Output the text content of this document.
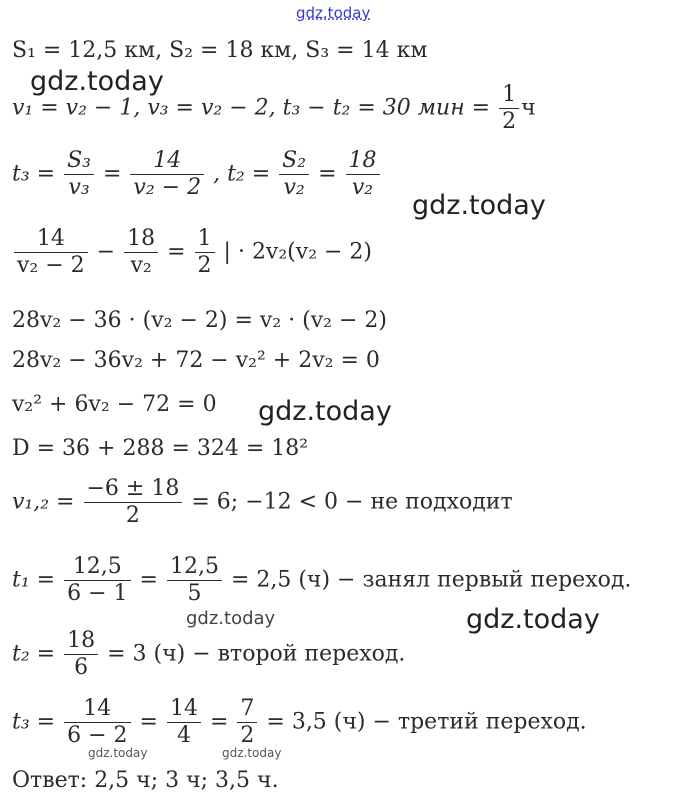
gdz.today
gdz.today
gdz.today
gdz.today
gdz.today
gdz.today
gdz.today	gdz.today
S₁ = 12,5 км, S₂ = 18 км, S₃ = 14 км
v₁ = v₂ − 1, v₃ = v₂ − 2, t₃ − t₂ = 30 мин = $\frac{1}{2}$ ч
$t_3 = \frac{\text{S₃}}{\text{v₃}} = \frac{14}{\text{v₂ − 2}}$ , $t_2 = \frac{\text{S₂}}{\text{v₂}} = \frac{18}{\text{v₂}}$
$\frac{14}{\text{v₂ − 2}} - \frac{18}{\text{v₂}} = \frac{1}{2}$ | · 2v₂(v₂ − 2)
28v₂ − 36 · (v₂ − 2) = v₂ · (v₂ − 2)
28v₂ − 36v₂ + 72 − v₂² + 2v₂ = 0
v₂² + 6v₂ − 72 = 0
D = 36 + 288 = 324 = 18²
$v_1,_2 = \frac{-6 \pm 18}{2} = 6$; −12 < 0 − не подходит
$t_1 = \frac{12,5}{6 - 1} = \frac{12,5}{5} = 2,5$ (ч) − занял первый переход.
$t_2 = \frac{18}{6} = 3$ (ч) − второй переход.
$t_3 = \frac{14}{6 - 2} = \frac{14}{4} = \frac{7}{2} = 3,5$ (ч) − третий переход.
Ответ: 2,5 ч; 3 ч; 3,5 ч.
